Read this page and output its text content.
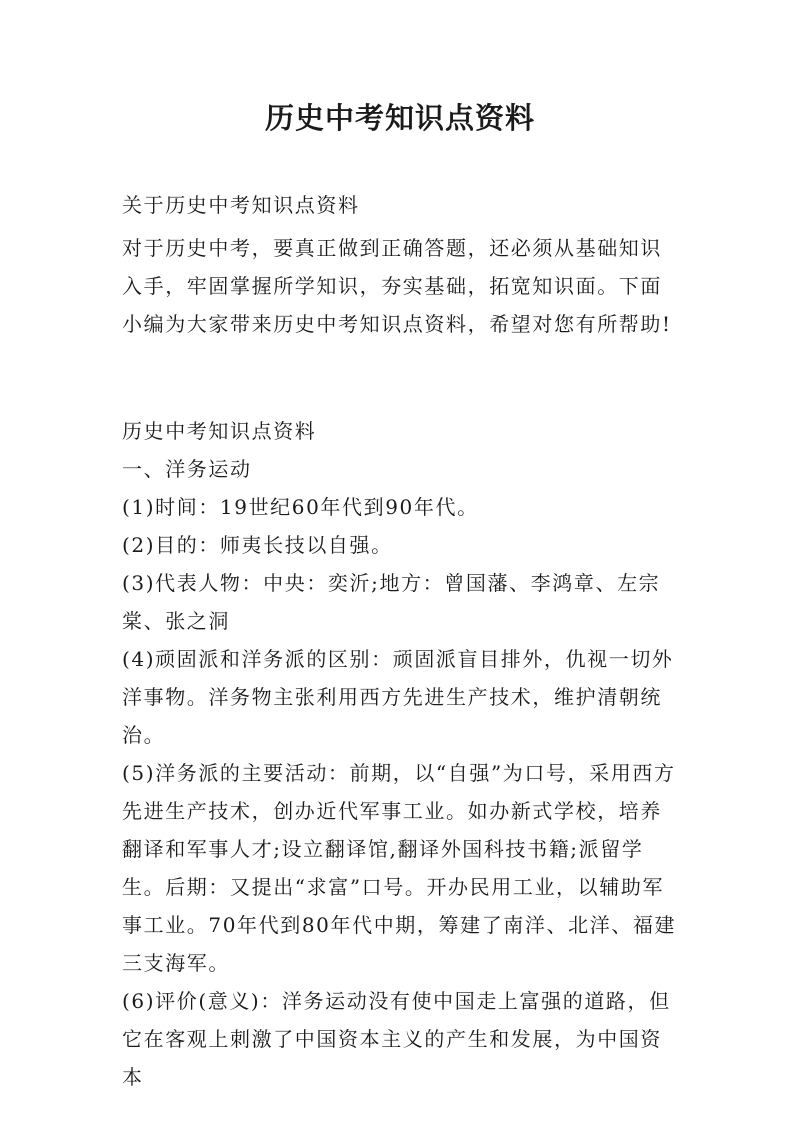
历史中考知识点资料
关于历史中考知识点资料

对于历史中考，要真正做到正确答题，还必须从基础知识入手，牢固掌握所学知识，夯实基础，拓宽知识面。下面小编为大家带来历史中考知识点资料，希望对您有所帮助!

历史中考知识点资料

一、洋务运动

(1)时间：19世纪60年代到90年代。

(2)目的：师夷长技以自强。

(3)代表人物：中央：奕沂;地方：曾国藩、李鸿章、左宗棠、张之洞

(4)顽固派和洋务派的区别：顽固派盲目排外，仇视一切外洋事物。洋务物主张利用西方先进生产技术，维护清朝统治。

(5)洋务派的主要活动：前期，以“自强”为口号，采用西方先进生产技术，创办近代军事工业。如办新式学校，培养翻译和军事人才;设立翻译馆,翻译外国科技书籍;派留学生。后期：又提出“求富”口号。开办民用工业，以辅助军事工业。70年代到80年代中期，筹建了南洋、北洋、福建三支海军。

(6)评价(意义)：洋务运动没有使中国走上富强的道路，但它在客观上刺激了中国资本主义的产生和发展，为中国资本
